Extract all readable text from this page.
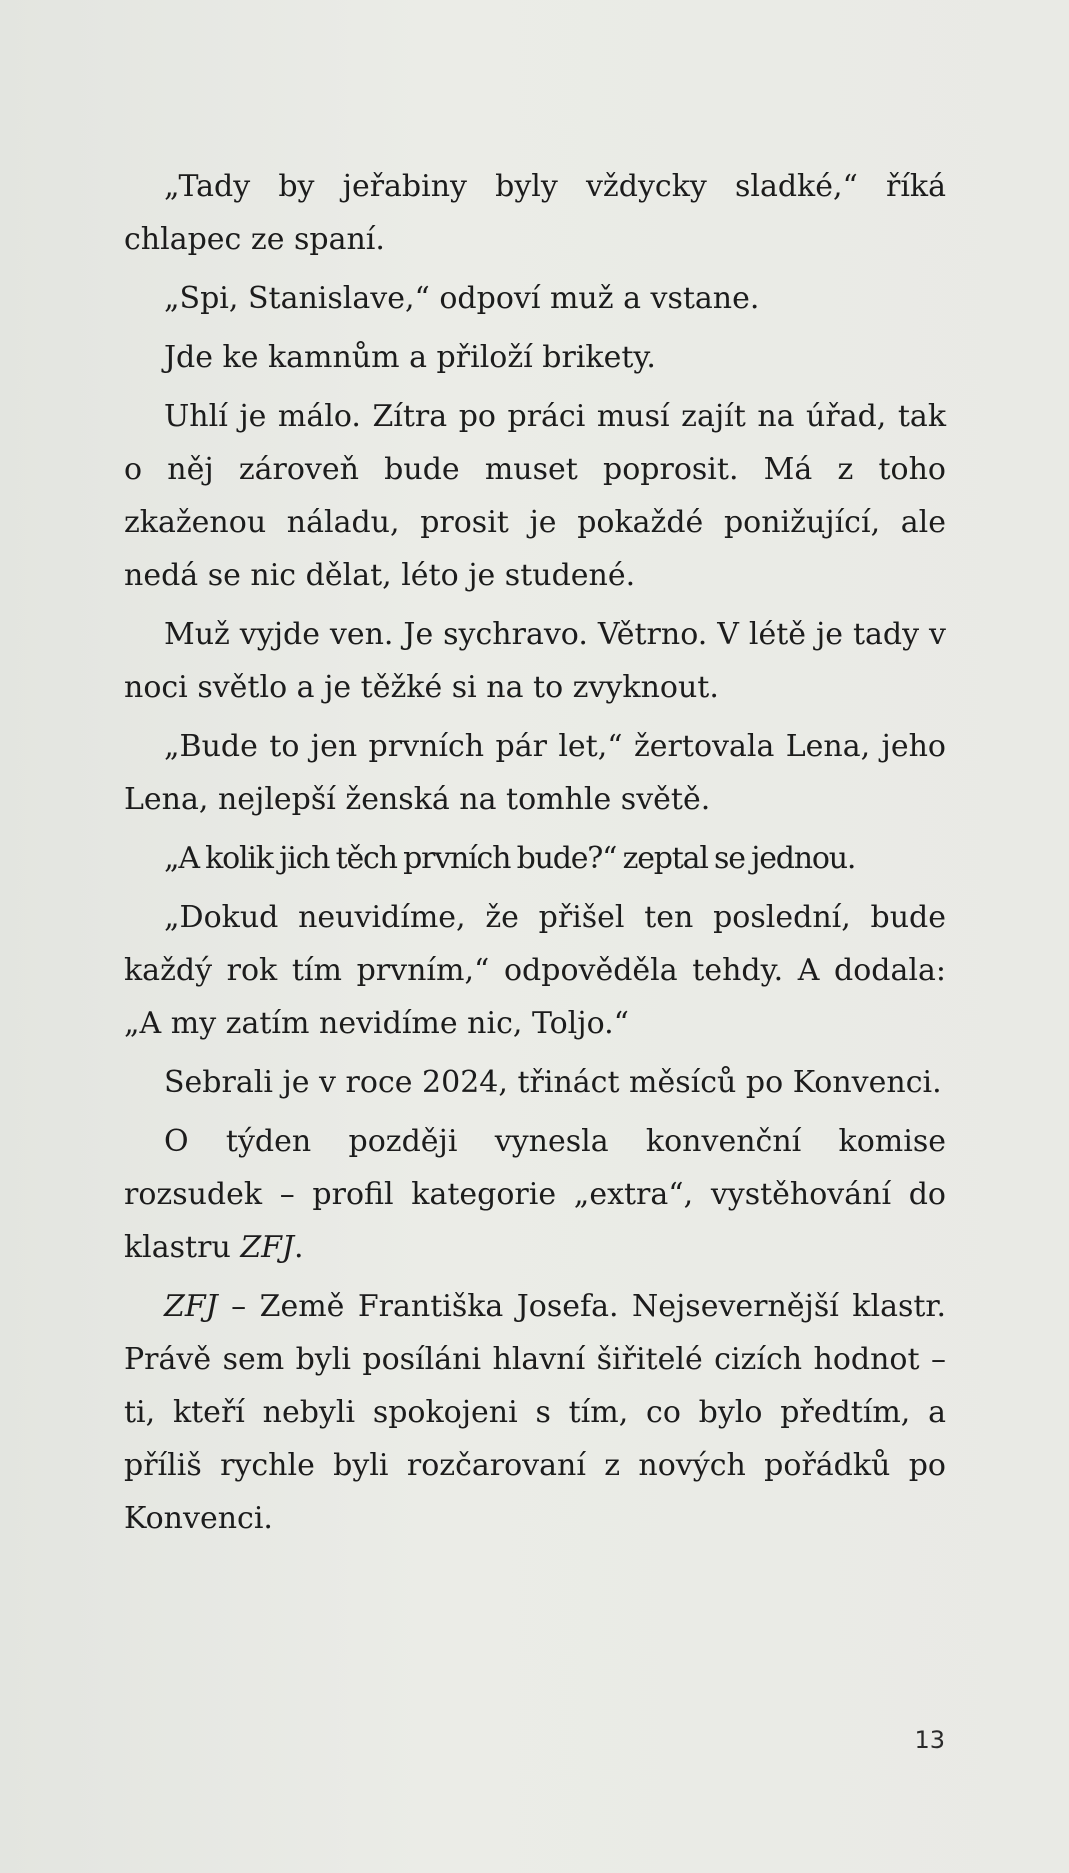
„Tady by jeřabiny byly vždycky sladké,“ říká chlapec ze spaní.

„Spi, Stanislave,“ odpoví muž a vstane.

Jde ke kamnům a přiloží brikety.

Uhlí je málo. Zítra po práci musí zajít na úřad, tak o něj zároveň bude muset poprosit. Má z toho zkaženou náladu, prosit je pokaždé ponižující, ale nedá se nic dělat, léto je studené.

Muž vyjde ven. Je sychravo. Větrno. V létě je tady v noci světlo a je těžké si na to zvyknout.

„Bude to jen prvních pár let,“ žertovala Lena, jeho Lena, nejlepší ženská na tomhle světě.

„A kolik jich těch prvních bude?“ zeptal se jednou.

„Dokud neuvidíme, že přišel ten poslední, bude každý rok tím prvním,“ odpověděla tehdy. A dodala: „A my zatím nevidíme nic, Toljo.“

Sebrali je v roce 2024, třináct měsíců po Konvenci.

O týden později vynesla konvenční komise rozsudek – profil kategorie „extra“, vystěhování do klastru ZFJ.

ZFJ – Země Františka Josefa. Nejsevernější klastr. Právě sem byli posíláni hlavní šiřitelé cizích hodnot – ti, kteří nebyli spokojeni s tím, co bylo předtím, a příliš rychle byli rozčarovaní z nových pořádků po Konvenci.

13
